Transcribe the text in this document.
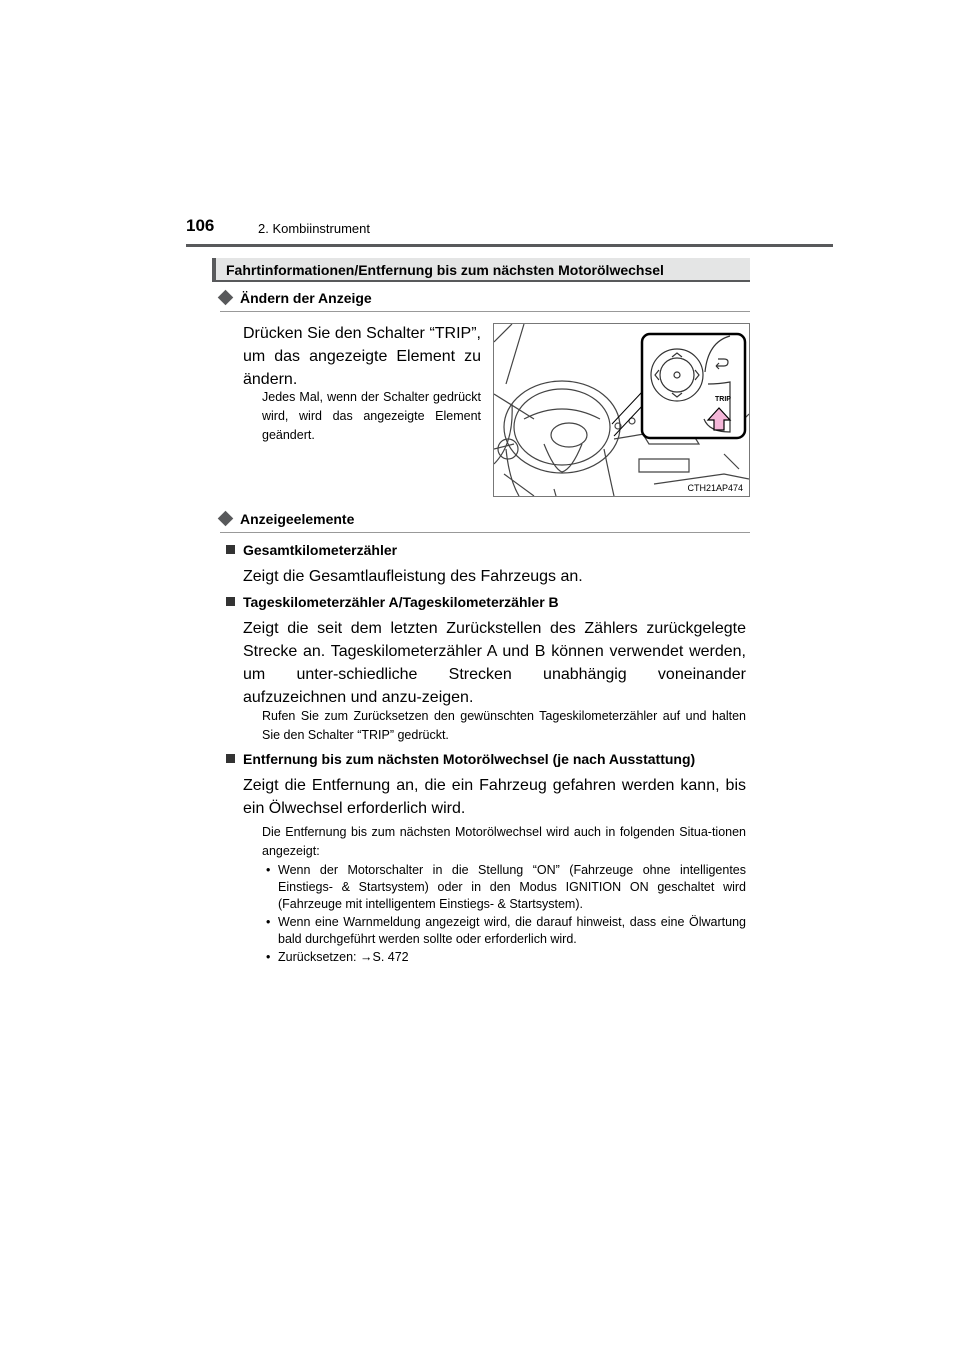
106	2. Kombiinstrument
Fahrtinformationen/Entfernung bis zum nächsten Motorölwechsel
Ändern der Anzeige
Drücken Sie den Schalter “TRIP”, um das angezeigte Element zu ändern.
Jedes Mal, wenn der Schalter gedrückt wird, wird das angezeigte Element geändert.
TRIP
CTH21AP474
Anzeigeelemente
Gesamtkilometerzähler
Zeigt die Gesamtlaufleistung des Fahrzeugs an.
Tageskilometerzähler A/Tageskilometerzähler B
Zeigt die seit dem letzten Zurückstellen des Zählers zurückgelegte Strecke an. Tageskilometerzähler A und B können verwendet werden, um unter-schiedliche Strecken unabhängig voneinander aufzuzeichnen und anzu-zeigen.
Rufen Sie zum Zurücksetzen den gewünschten Tageskilometerzähler auf und halten Sie den Schalter “TRIP” gedrückt.
Entfernung bis zum nächsten Motorölwechsel (je nach Ausstattung)
Zeigt die Entfernung an, die ein Fahrzeug gefahren werden kann, bis ein Ölwechsel erforderlich wird.
Die Entfernung bis zum nächsten Motorölwechsel wird auch in folgenden Situa-tionen angezeigt:
• Wenn der Motorschalter in die Stellung “ON” (Fahrzeuge ohne intelligentes Einstiegs- & Startsystem) oder in den Modus IGNITION ON geschaltet wird (Fahrzeuge mit intelligentem Einstiegs- & Startsystem).
• Wenn eine Warnmeldung angezeigt wird, die darauf hinweist, dass eine Ölwartung bald durchgeführt werden sollte oder erforderlich wird.
• Zurücksetzen: →S. 472
